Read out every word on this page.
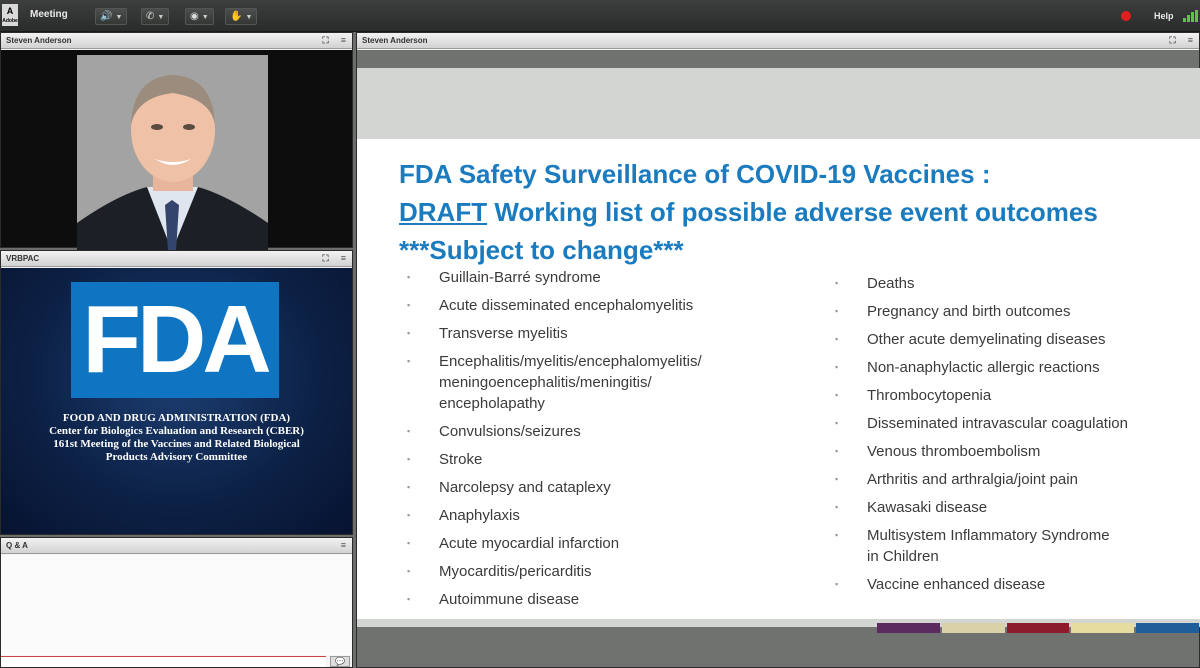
A
Adobe
Meeting	🔊 ▼	✆ ▼	◉ ▼	✋ ▼	Help
Steven Anderson	⛶ ≡
VRBPAC	⛶ ≡
FDA
FOOD AND DRUG ADMINISTRATION (FDA)
Center for Biologics Evaluation and Research (CBER)
161st Meeting of the Vaccines and Related Biological
Products Advisory Committee
Q & A	≡
💬
Steven Anderson	⛶ ≡
FDA Safety Surveillance of COVID-19 Vaccines :
DRAFT Working list of possible adverse event outcomes
***Subject to change***
▪ Guillain-Barré syndrome
▪ Acute disseminated encephalomyelitis
▪ Transverse myelitis
▪ Encephalitis/myelitis/encephalomyelitis/ meningoencephalitis/meningitis/ encepholapathy
▪ Convulsions/seizures
▪ Stroke
▪ Narcolepsy and cataplexy
▪ Anaphylaxis
▪ Acute myocardial infarction
▪ Myocarditis/pericarditis
▪ Autoimmune disease
▪ Deaths
▪ Pregnancy and birth outcomes
▪ Other acute demyelinating diseases
▪ Non-anaphylactic allergic reactions
▪ Thrombocytopenia
▪ Disseminated intravascular coagulation
▪ Venous thromboembolism
▪ Arthritis and arthralgia/joint pain
▪ Kawasaki disease
▪ Multisystem Inflammatory Syndrome in Children
▪ Vaccine enhanced disease
